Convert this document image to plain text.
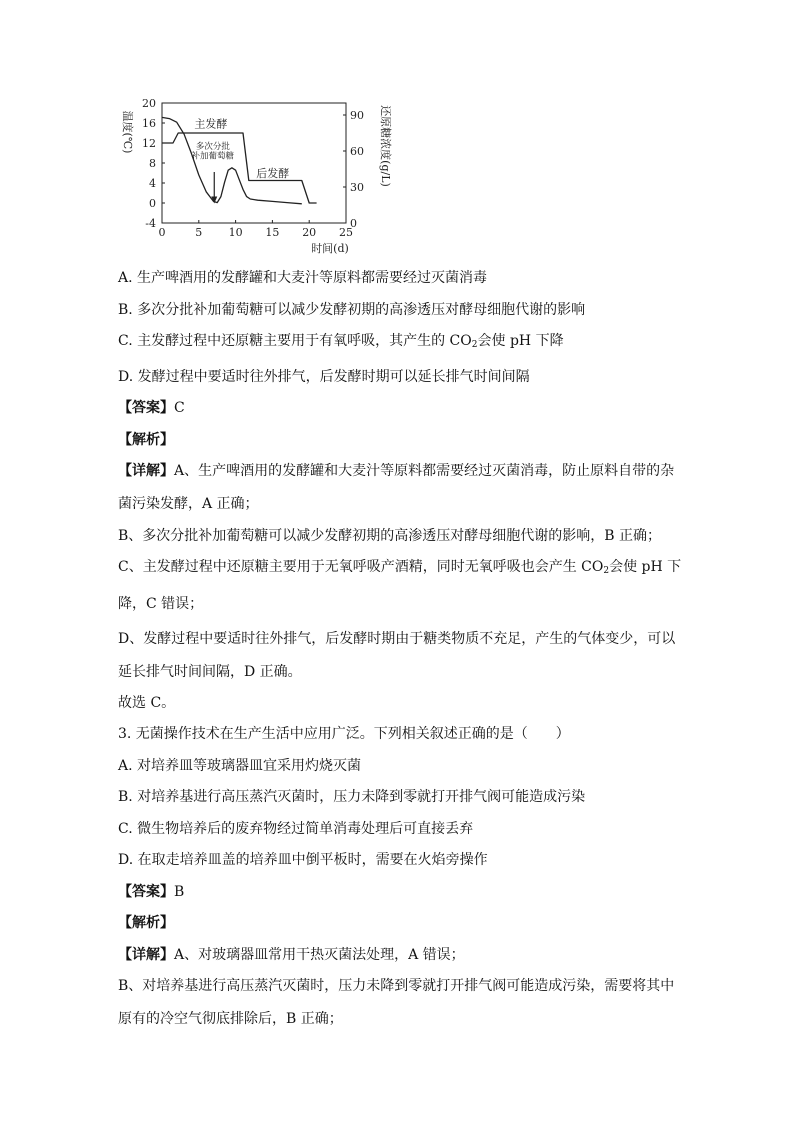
0	5 10 15 20 25
-4
0
4
8
12
16
20
0
30
60
90
温度(℃)	还原糖浓度(g/L)
时间(d)
主发酵
多次分批
补加葡萄糖
后发酵

A. 生产啤酒用的发酵罐和大麦汁等原料都需要经过灭菌消毒

B. 多次分批补加葡萄糖可以减少发酵初期的高渗透压对酵母细胞代谢的影响

C. 主发酵过程中还原糖主要用于有氧呼吸，其产生的 $CO_2$会使 pH 下降

D. 发酵过程中要适时往外排气，后发酵时期可以延长排气时间间隔

【答案】C

【解析】

【详解】A、生产啤酒用的发酵罐和大麦汁等原料都需要经过灭菌消毒，防止原料自带的杂菌污染发酵，A 正确；

B、多次分批补加葡萄糖可以减少发酵初期的高渗透压对酵母细胞代谢的影响，B 正确；

C、主发酵过程中还原糖主要用于无氧呼吸产酒精，同时无氧呼吸也会产生 $CO_2$会使 pH 下降，C 错误；

D、发酵过程中要适时往外排气，后发酵时期由于糖类物质不充足，产生的气体变少，可以延长排气时间间隔，D 正确。

故选 C。

3. 无菌操作技术在生产生活中应用广泛。下列相关叙述正确的是（　　）

A. 对培养皿等玻璃器皿宜采用灼烧灭菌

B. 对培养基进行高压蒸汽灭菌时，压力未降到零就打开排气阀可能造成污染

C. 微生物培养后的废弃物经过简单消毒处理后可直接丢弃

D. 在取走培养皿盖的培养皿中倒平板时，需要在火焰旁操作

【答案】B

【解析】

【详解】A、对玻璃器皿常用干热灭菌法处理，A 错误；

B、对培养基进行高压蒸汽灭菌时，压力未降到零就打开排气阀可能造成污染，需要将其中原有的冷空气彻底排除后，B 正确；
